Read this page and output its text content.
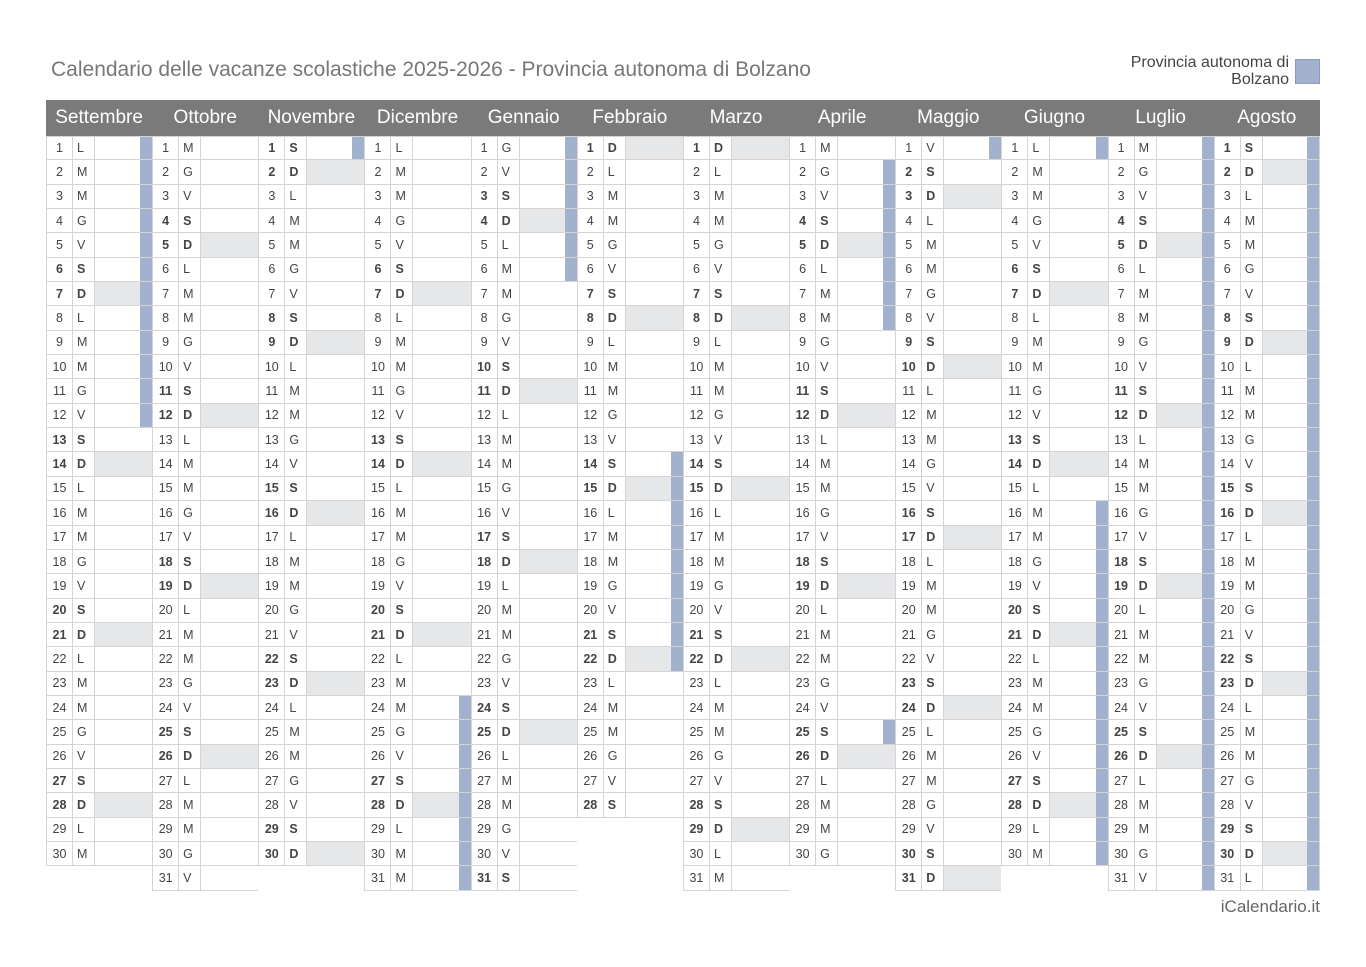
Calendario delle vacanze scolastiche 2025-2026 - Provincia autonoma di Bolzano	Provincia autonoma di Bolzano
Settembre
1	L
2	M
3	M
4	G
5	V
6	S
7	D
8	L
9	M
10 M
11 G
12 V
13 S
14 D
15 L
16 M
17 M
18 G
19 V
20 S
21 D
22 L
23 M
24 M
25 G
26 V
27 S
28 D
29 L
30 M
Ottobre
1	M
2	G
3	V
4	S
5	D
6	L
7	M
8	M
9	G
10 V
11 S
12 D
13 L
14 M
15 M
16 G
17 V
18 S
19 D
20 L
21 M
22 M
23 G
24 V
25 S
26 D
27 L
28 M
29 M
30 G
31 V
Novembre
1	S
2	D
3	L
4	M
5	M
6	G
7	V
8	S
9	D
10 L
11 M
12 M
13 G
14 V
15 S
16 D
17 L
18 M
19 M
20 G
21 V
22 S
23 D
24 L
25 M
26 M
27 G
28 V
29 S
30 D
Dicembre
1	L
2	M
3	M
4	G
5	V
6	S
7	D
8	L
9	M
10 M
11 G
12 V
13 S
14 D
15 L
16 M
17 M
18 G
19 V
20 S
21 D
22 L
23 M
24 M
25 G
26 V
27 S
28 D
29 L
30 M
31 M
Gennaio
1	G
2	V
3	S
4	D
5	L
6	M
7	M
8	G
9	V
10 S
11 D
12 L
13 M
14 M
15 G
16 V
17 S
18 D
19 L
20 M
21 M
22 G
23 V
24 S
25 D
26 L
27 M
28 M
29 G
30 V
31 S
Febbraio
1	D
2	L
3	M
4	M
5	G
6	V
7	S
8	D
9	L
10 M
11 M
12 G
13 V
14 S
15 D
16 L
17 M
18 M
19 G
20 V
21 S
22 D
23 L
24 M
25 M
26 G
27 V
28 S
Marzo
1	D
2	L
3	M
4	M
5	G
6	V
7	S
8	D
9	L
10 M
11 M
12 G
13 V
14 S
15 D
16 L
17 M
18 M
19 G
20 V
21 S
22 D
23 L
24 M
25 M
26 G
27 V
28 S
29 D
30 L
31 M
Aprile
1	M
2	G
3	V
4	S
5	D
6	L
7	M
8	M
9	G
10 V
11 S
12 D
13 L
14 M
15 M
16 G
17 V
18 S
19 D
20 L
21 M
22 M
23 G
24 V
25 S
26 D
27 L
28 M
29 M
30 G
Maggio
1	V
2	S
3	D
4	L
5	M
6	M
7	G
8	V
9	S
10 D
11 L
12 M
13 M
14 G
15 V
16 S
17 D
18 L
19 M
20 M
21 G
22 V
23 S
24 D
25 L
26 M
27 M
28 G
29 V
30 S
31 D
Giugno
1	L
2	M
3	M
4	G
5	V
6	S
7	D
8	L
9	M
10 M
11 G
12 V
13 S
14 D
15 L
16 M
17 M
18 G
19 V
20 S
21 D
22 L
23 M
24 M
25 G
26 V
27 S
28 D
29 L
30 M
Luglio
1	M
2	G
3	V
4	S
5	D
6	L
7	M
8	M
9	G
10 V
11 S
12 D
13 L
14 M
15 M
16 G
17 V
18 S
19 D
20 L
21 M
22 M
23 G
24 V
25 S
26 D
27 L
28 M
29 M
30 G
31 V
Agosto
1	S
2	D
3	L
4	M
5	M
6	G
7	V
8	S
9	D
10 L
11 M
12 M
13 G
14 V
15 S
16 D
17 L
18 M
19 M
20 G
21 V
22 S
23 D
24 L
25 M
26 M
27 G
28 V
29 S
30 D
31 L
iCalendario.it
